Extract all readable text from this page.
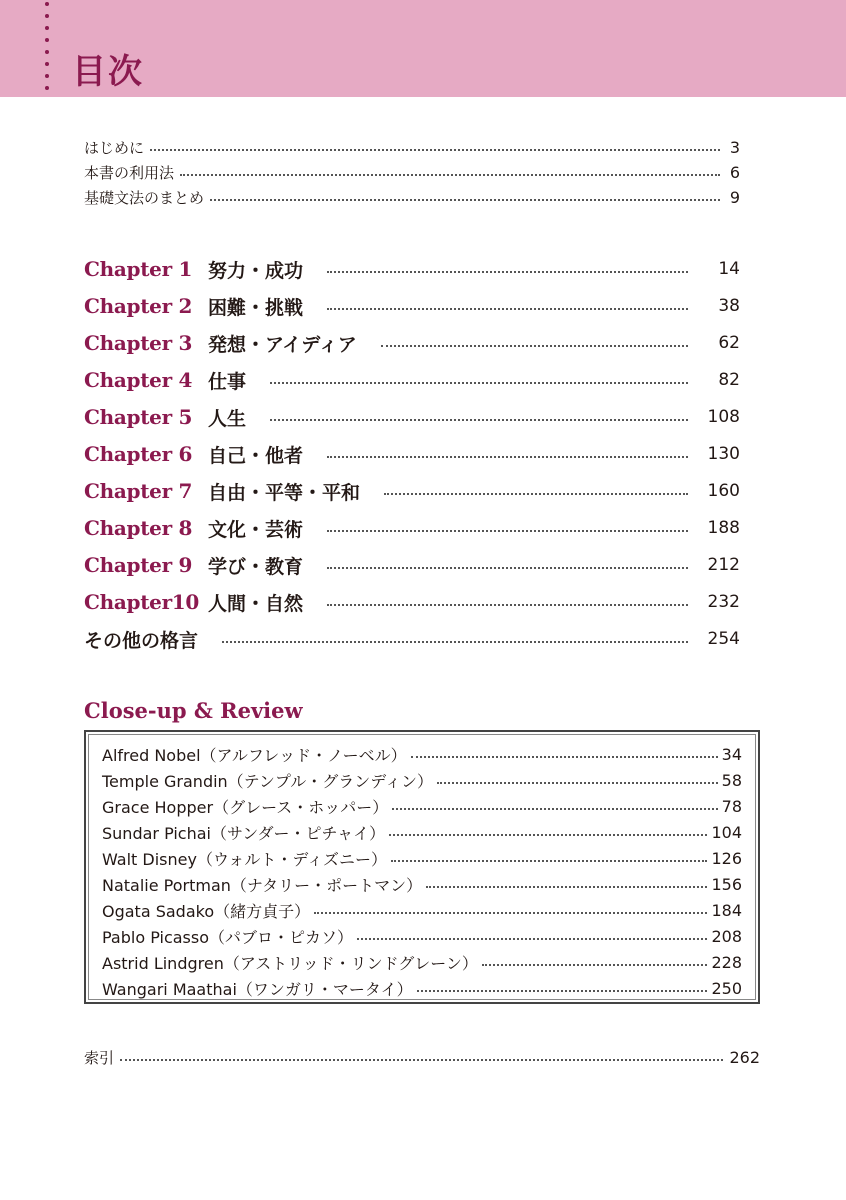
目次
はじめに	3
本書の利用法	6
基礎文法のまとめ	9
Chapter 1 努力・成功	14
Chapter 2 困難・挑戦	38
Chapter 3 発想・アイディア	62
Chapter 4 仕事	82
Chapter 5 人生	108
Chapter 6 自己・他者	130
Chapter 7 自由・平等・平和	160
Chapter 8 文化・芸術	188
Chapter 9 学び・教育	212
Chapter10 人間・自然	232
その他の格言	254
Close-up & Review
Alfred Nobel（アルフレッド・ノーベル）	34
Temple Grandin（テンプル・グランディン）	58
Grace Hopper（グレース・ホッパー）	78
Sundar Pichai（サンダー・ピチャイ）	104
Walt Disney（ウォルト・ディズニー）	126
Natalie Portman（ナタリー・ポートマン）	156
Ogata Sadako（緒方貞子）	184
Pablo Picasso（パブロ・ピカソ）	208
Astrid Lindgren（アストリッド・リンドグレーン）	228
Wangari Maathai（ワンガリ・マータイ）	250
索引	262
